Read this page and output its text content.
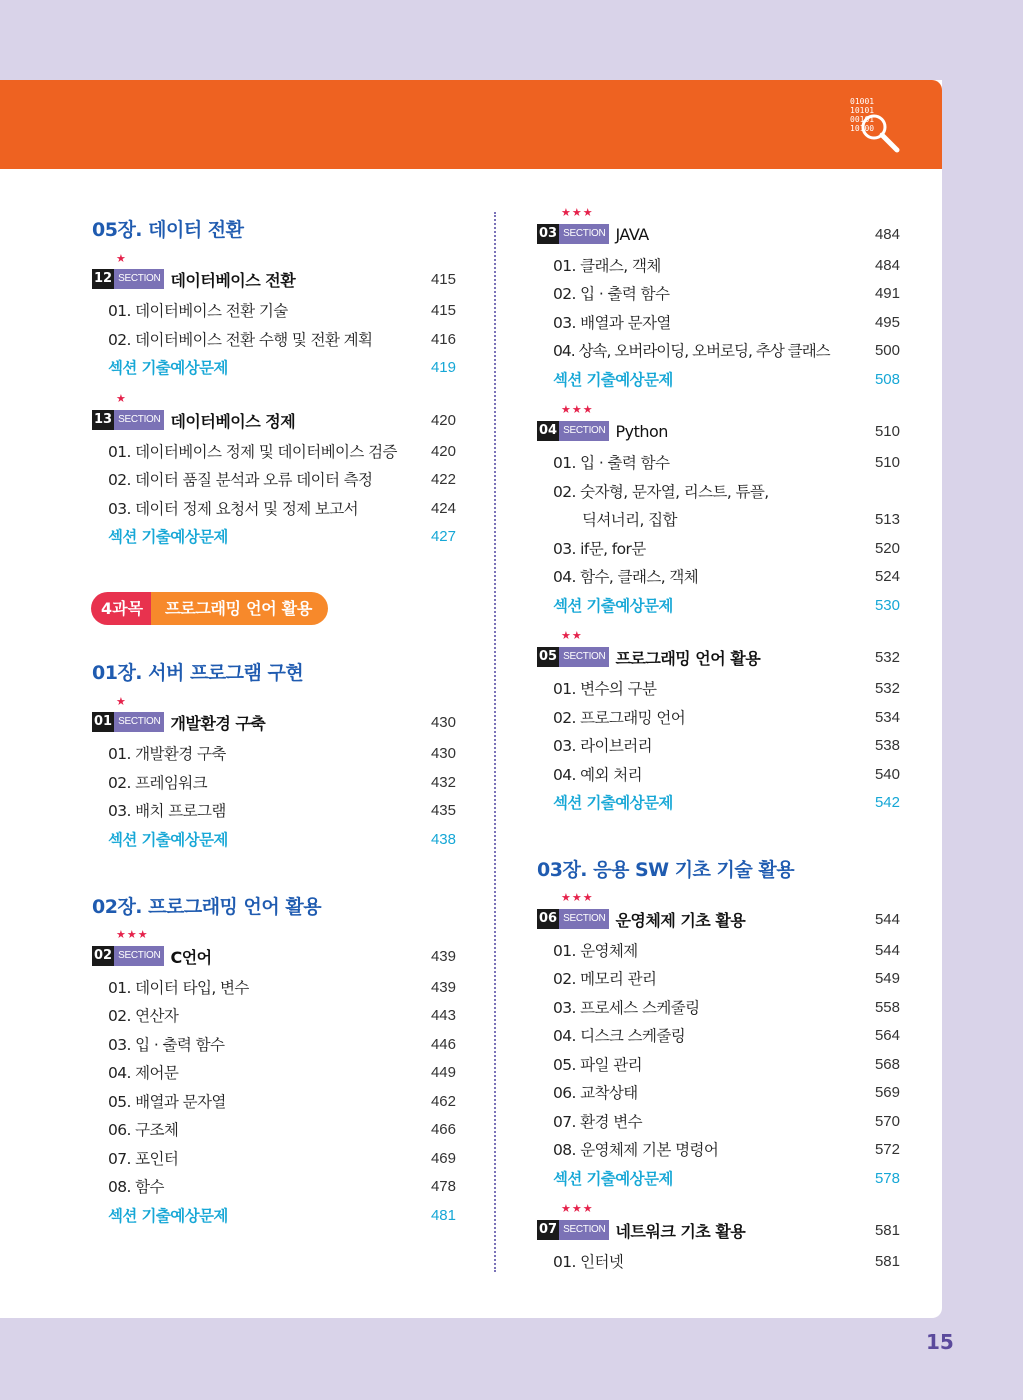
01001
10101
00101
10100
05장. 데이터 전환
★
12 SECTION 데이터베이스 전환	415
01. 데이터베이스 전환 기술	415
02. 데이터베이스 전환 수행 및 전환 계획	416
섹션 기출예상문제	419
★
13 SECTION 데이터베이스 정제	420
01. 데이터베이스 정제 및 데이터베이스 검증	420
02. 데이터 품질 분석과 오류 데이터 측정	422
03. 데이터 정제 요청서 및 정제 보고서	424
섹션 기출예상문제	427
01장. 서버 프로그램 구현
★
01 SECTION 개발환경 구축	430
01. 개발환경 구축	430
02. 프레임워크	432
03. 배치 프로그램	435
섹션 기출예상문제	438
02장. 프로그래밍 언어 활용
★★★
02 SECTION C언어	439
01. 데이터 타입, 변수	439
02. 연산자	443
03. 입 · 출력 함수	446
04. 제어문	449
05. 배열과 문자열	462
06. 구조체	466
07. 포인터	469
08. 함수	478
섹션 기출예상문제	481
4과목	프로그래밍 언어 활용
★★★
03 SECTION JAVA	484
01. 클래스, 객체	484
02. 입 · 출력 함수	491
03. 배열과 문자열	495
04. 상속, 오버라이딩, 오버로딩, 추상 클래스	500
섹션 기출예상문제	508
★★★
04 SECTION Python	510
01. 입 · 출력 함수	510
02. 숫자형, 문자열, 리스트, 튜플,
딕셔너리, 집합	513
03. if문, for문	520
04. 함수, 클래스, 객체	524
섹션 기출예상문제	530
★★
05 SECTION 프로그래밍 언어 활용	532
01. 변수의 구분	532
02. 프로그래밍 언어	534
03. 라이브러리	538
04. 예외 처리	540
섹션 기출예상문제	542
03장. 응용 SW 기초 기술 활용
★★★
06 SECTION 운영체제 기초 활용	544
01. 운영체제	544
02. 메모리 관리	549
03. 프로세스 스케줄링	558
04. 디스크 스케줄링	564
05. 파일 관리	568
06. 교착상태	569
07. 환경 변수	570
08. 운영체제 기본 명령어	572
섹션 기출예상문제	578
★★★
07 SECTION 네트워크 기초 활용	581
01. 인터넷	581
15
